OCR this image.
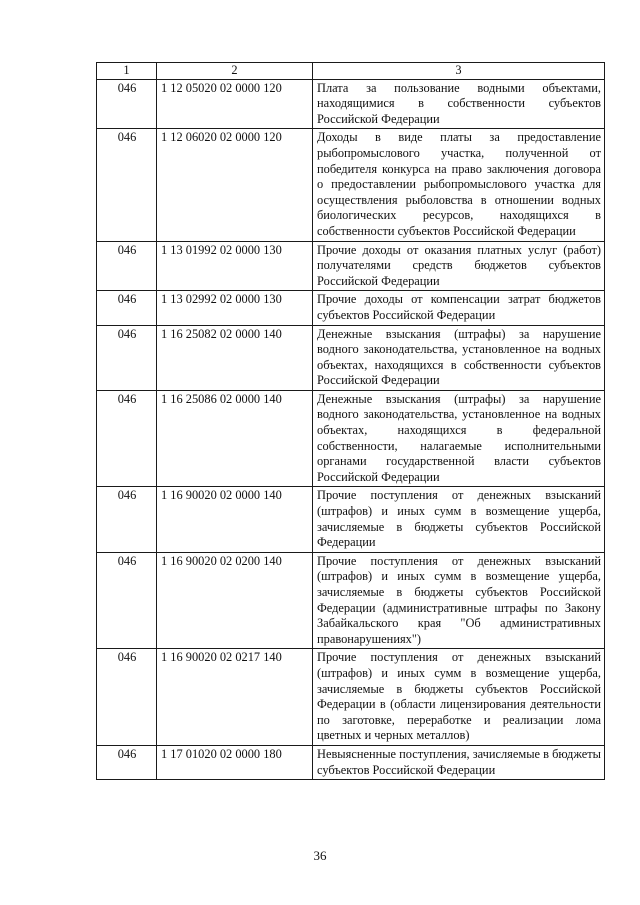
1	2	3
046	1 12 05020 02 0000 120	Плата за пользование водными объектами, находящимися в собственности субъектов Российской Федерации
046	1 12 06020 02 0000 120	Доходы в виде платы за предоставление рыбопромыслового участка, полученной от победителя конкурса на право заключения договора о предоставлении рыбопромыслового участка для осуществления рыболовства в отношении водных биологических ресурсов, находящихся в собственности субъектов Российской Федерации
046	1 13 01992 02 0000 130	Прочие доходы от оказания платных услуг (работ) получателями средств бюджетов субъектов Российской Федерации
046	1 13 02992 02 0000 130	Прочие доходы от компенсации затрат бюджетов субъектов Российской Федерации
046	1 16 25082 02 0000 140	Денежные взыскания (штрафы) за нарушение водного законодательства, установленное на водных объектах, находящихся в собственности субъектов Российской Федерации
046	1 16 25086 02 0000 140	Денежные взыскания (штрафы) за нарушение водного законодательства, установленное на водных объектах, находящихся в федеральной собственности, налагаемые исполнительными органами государственной власти субъектов Российской Федерации
046	1 16 90020 02 0000 140	Прочие поступления от денежных взысканий (штрафов) и иных сумм в возмещение ущерба, зачисляемые в бюджеты субъектов Российской Федерации
046	1 16 90020 02 0200 140	Прочие поступления от денежных взысканий (штрафов) и иных сумм в возмещение ущерба, зачисляемые в бюджеты субъектов Российской Федерации (административные штрафы по Закону Забайкальского края "Об административных правонарушениях")
046	1 16 90020 02 0217 140	Прочие поступления от денежных взысканий (штрафов) и иных сумм в возмещение ущерба, зачисляемые в бюджеты субъектов Российской Федерации в (области лицензирования деятельности по заготовке, переработке и реализации лома цветных и черных металлов)
046	1 17 01020 02 0000 180	Невыясненные поступления, зачисляемые в бюджеты субъектов Российской Федерации
36
